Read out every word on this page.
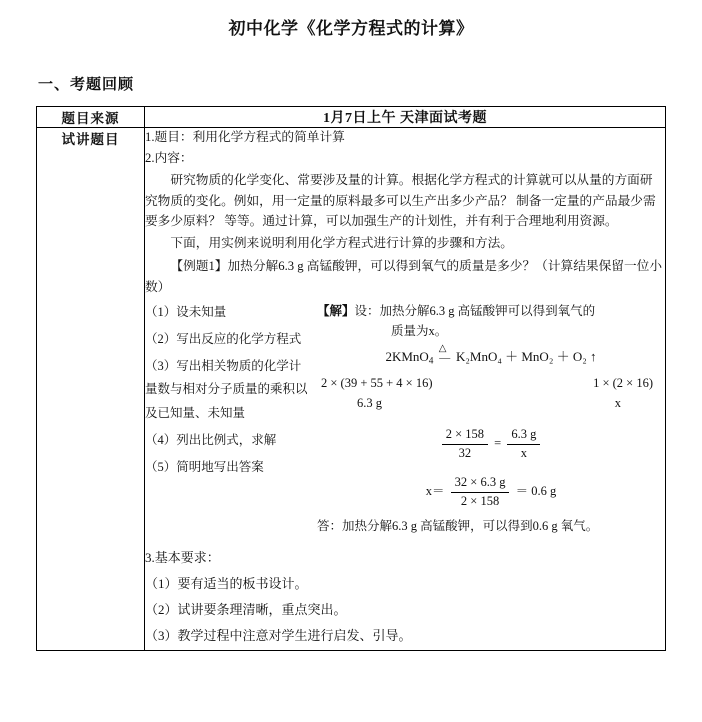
初中化学《化学方程式的计算》
一、考题回顾
题目来源	1月7日上午 天津面试考题
试讲题目	1.题目：利用化学方程式的简单计算
2.内容：
研究物质的化学变化、常要涉及量的计算。根据化学方程式的计算就可以从量的方面研究物质的变化。例如，用一定量的原料最多可以生产出多少产品？ 制备一定量的产品最少需要多少原料？ 等等。通过计算，可以加强生产的计划性，并有利于合理地利用资源。
下面，用实例来说明利用化学方程式进行计算的步骤和方法。
【例题1】加热分解6.3 g 高锰酸钾，可以得到氧气的质量是多少？（计算结果保留一位小数）
（1）设未知量
（2）写出反应的化学方程式
（3）写出相关物质的化学计量数与相对分子质量的乘积以及已知量、未知量
（4）列出比例式，求解
（5）简明地写出答案
【解】设：加热分解6.3 g 高锰酸钾可以得到氧气的
质量为x。
2KMnO$_4$
△
— K₂MnO₄ ＋ MnO₂ ＋ O₂ ↑
2 × (39 + 55 + 4 × 16)	1 × (2 × 16)
6.3 g	x
$\frac{2 \times 158}{32} = \frac{6.3 g}{x}$
$x= \frac{32 \times 6.3 g}{2 \times 158} = 0.6$ g
答：加热分解6.3 g 高锰酸钾，可以得到0.6 g 氧气。
3.基本要求：
（1）要有适当的板书设计。
（2）试讲要条理清晰，重点突出。
（3）教学过程中注意对学生进行启发、引导。
